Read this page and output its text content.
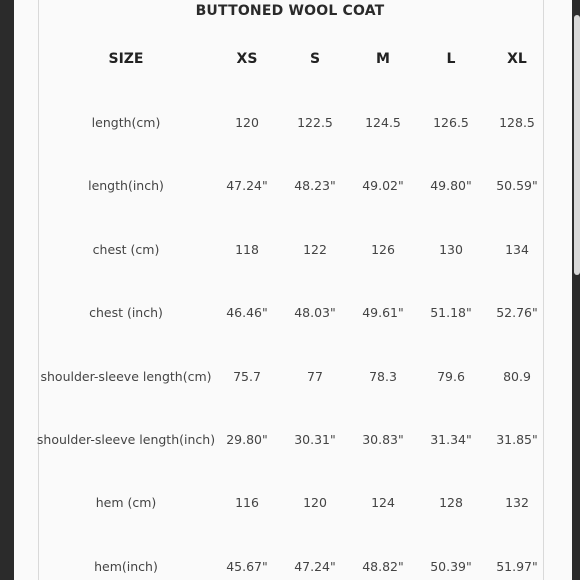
BUTTONED WOOL COAT
SIZE	XS	S	M	L	XL
length(cm)	120	122.5	124.5	126.5	128.5
length(inch)	47.24"	48.23"	49.02"	49.80"	50.59"
chest (cm)	118	122	126	130	134
chest (inch)	46.46"	48.03"	49.61"	51.18"	52.76"
shoulder-sleeve length(cm)	75.7	77	78.3	79.6	80.9
shoulder-sleeve length(inch) 29.80"	30.31"	30.83"	31.34"	31.85"
hem (cm)	116	120	124	128	132
hem(inch)	45.67"	47.24"	48.82"	50.39"	51.97"
